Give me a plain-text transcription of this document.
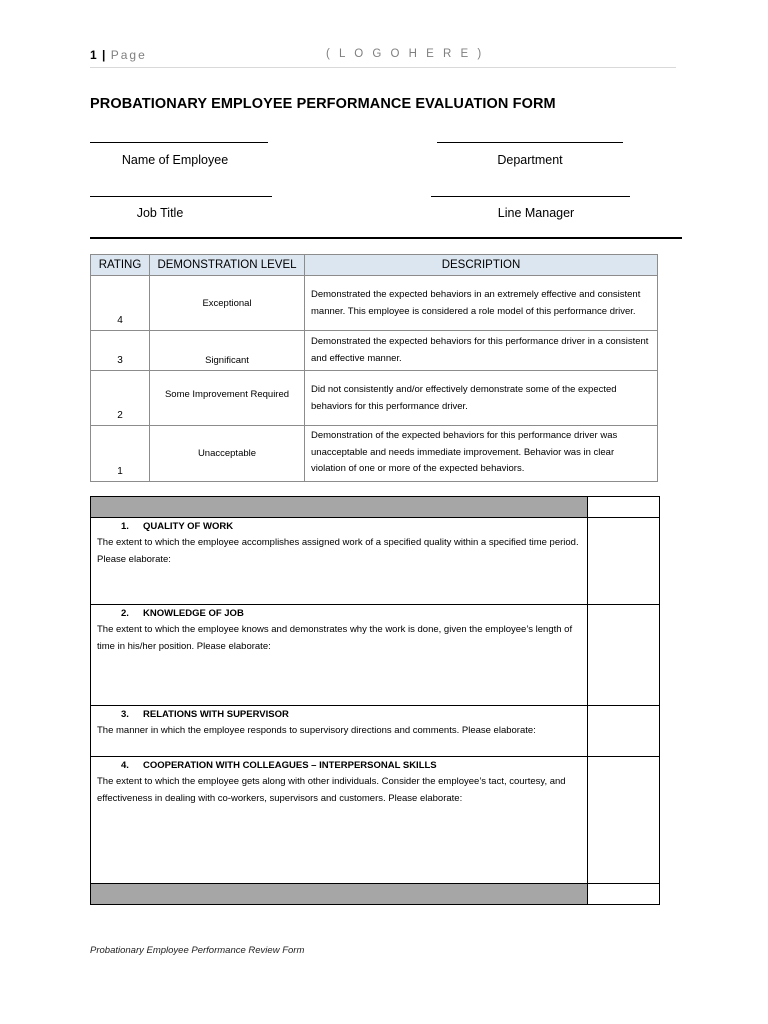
1 | Page	( L O G O H E R E )
PROBATIONARY EMPLOYEE PERFORMANCE EVALUATION FORM
Name of Employee	Department
Job Title	Line Manager
RATING	DEMONSTRATION LEVEL	DESCRIPTION
4	Exceptional	Demonstrated the expected behaviors in an extremely effective and consistent manner. This employee is considered a role model of this performance driver.
3	Significant	Demonstrated the expected behaviors for this performance driver in a consistent and effective manner.
2	Some Improvement Required	Did not consistently and/or effectively demonstrate some of the expected behaviors for this performance driver.
1	Unacceptable	Demonstration of the expected behaviors for this performance driver was unacceptable and needs immediate improvement. Behavior was in clear violation of one or more of the expected behaviors.

1. QUALITY OF WORK
The extent to which the employee accomplishes assigned work of a specified quality within a specified time period. Please elaborate:	

2. KNOWLEDGE OF JOB
The extent to which the employee knows and demonstrates why the work is done, given the employee’s length of time in his/her position. Please elaborate:	

3. RELATIONS WITH SUPERVISOR
The manner in which the employee responds to supervisory directions and comments. Please elaborate:	

4. COOPERATION WITH COLLEAGUES – INTERPERSONAL SKILLS
The extent to which the employee gets along with other individuals. Consider the employee’s tact, courtesy, and effectiveness in dealing with co-workers, supervisors and customers. Please elaborate:	

Probationary Employee Performance Review Form
